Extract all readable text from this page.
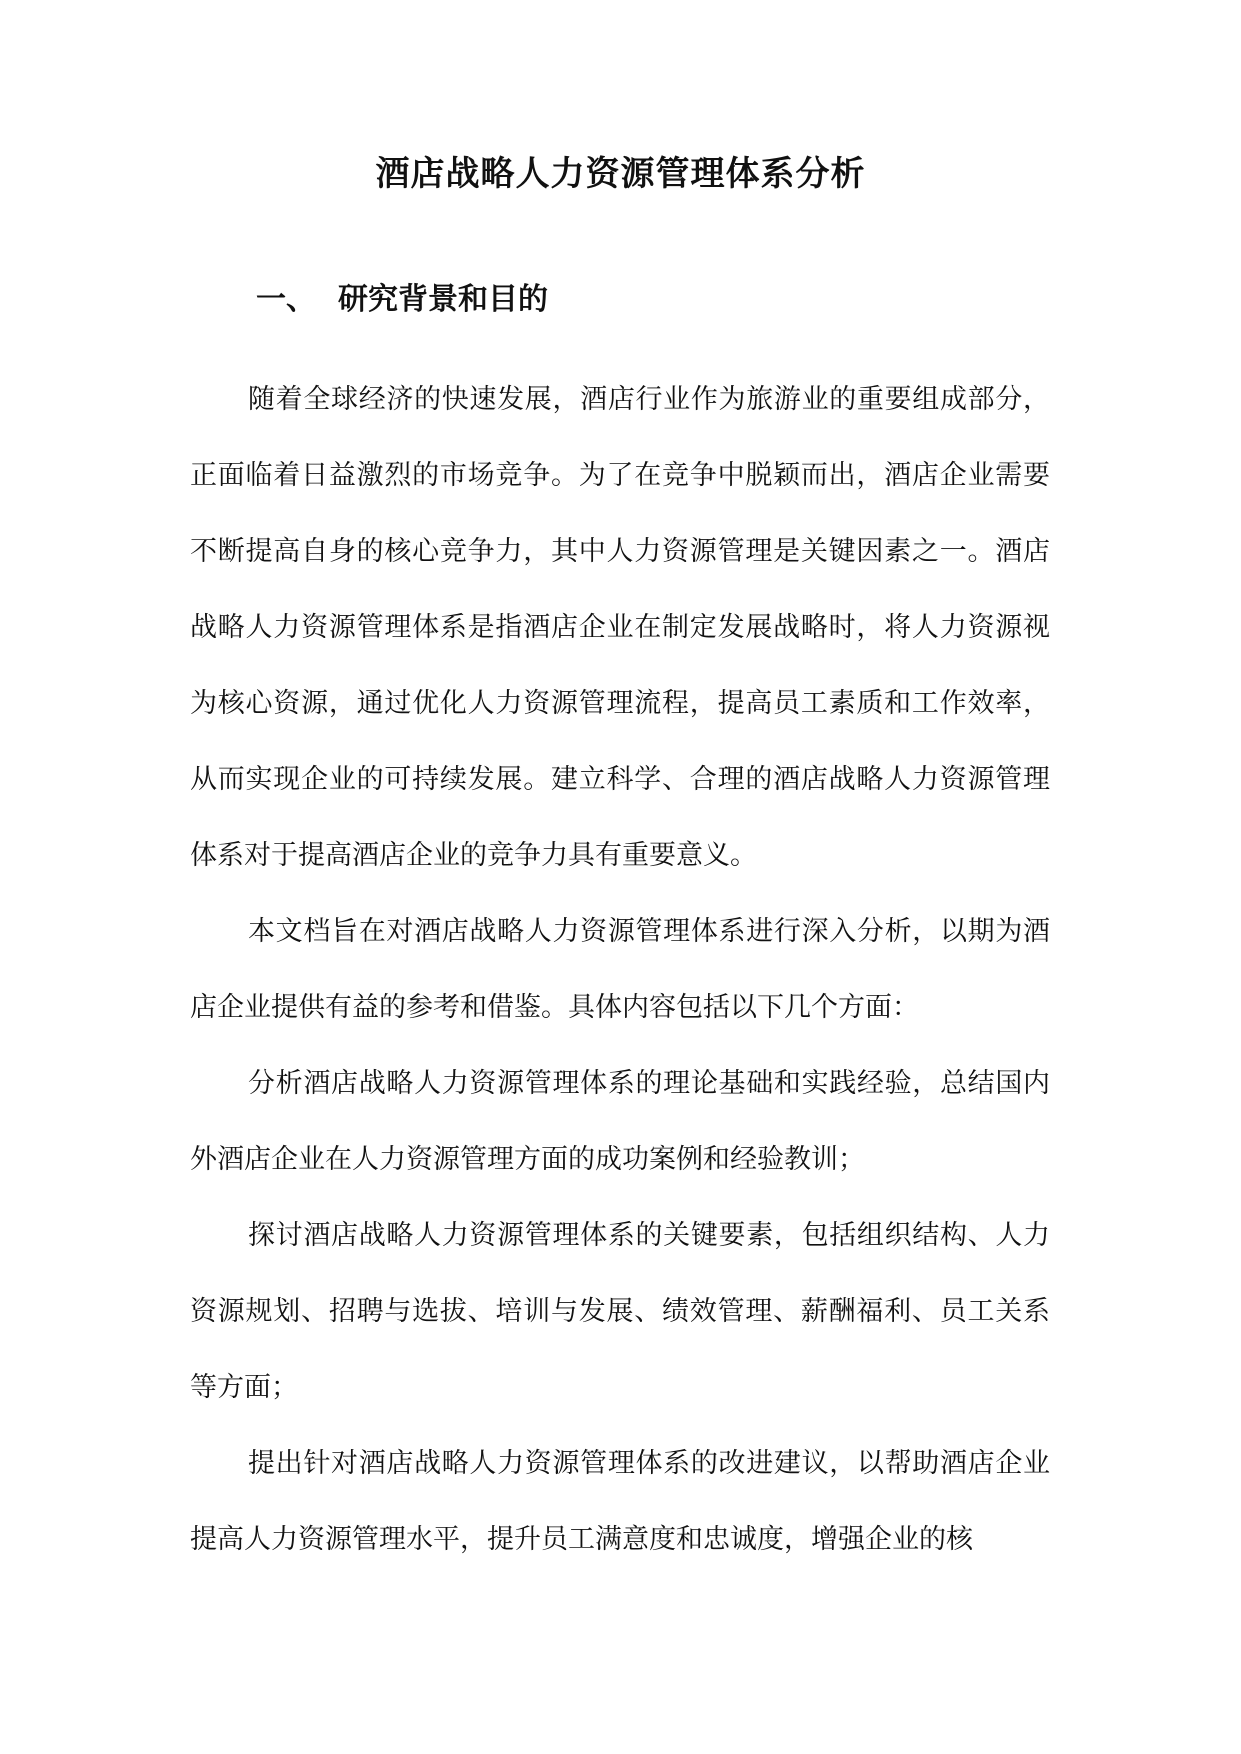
酒店战略人力资源管理体系分析
一、 研究背景和目的

随着全球经济的快速发展，酒店行业作为旅游业的重要组成部分，正面临着日益激烈的市场竞争。为了在竞争中脱颖而出，酒店企业需要不断提高自身的核心竞争力，其中人力资源管理是关键因素之一。酒店战略人力资源管理体系是指酒店企业在制定发展战略时，将人力资源视为核心资源，通过优化人力资源管理流程，提高员工素质和工作效率，从而实现企业的可持续发展。建立科学、合理的酒店战略人力资源管理体系对于提高酒店企业的竞争力具有重要意义。

本文档旨在对酒店战略人力资源管理体系进行深入分析，以期为酒店企业提供有益的参考和借鉴。具体内容包括以下几个方面：

分析酒店战略人力资源管理体系的理论基础和实践经验，总结国内外酒店企业在人力资源管理方面的成功案例和经验教训；

探讨酒店战略人力资源管理体系的关键要素，包括组织结构、人力资源规划、招聘与选拔、培训与发展、绩效管理、薪酬福利、员工关系等方面；

提出针对酒店战略人力资源管理体系的改进建议，以帮助酒店企业提高人力资源管理水平，提升员工满意度和忠诚度，增强企业的核
